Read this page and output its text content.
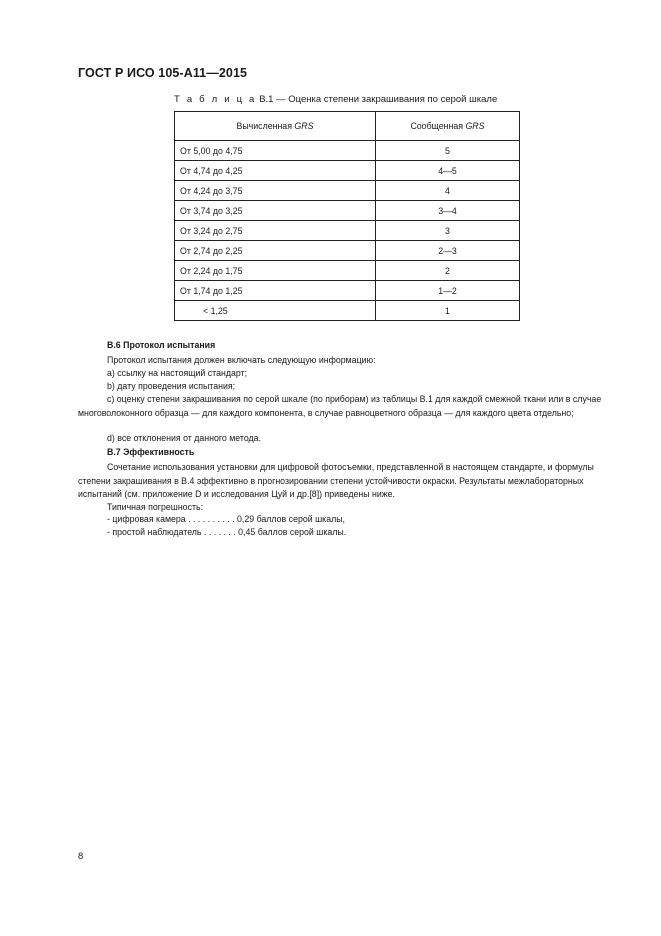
ГОСТ Р ИСО 105-А11—2015
Т а б л и ц а В.1 — Оценка степени закрашивания по серой шкале
Вычисленная GRS	Сообщенная GRS
От 5,00 до 4,75	5
От 4,74 до 4,25	4—5
От 4,24 до 3,75	4
От 3,74 до 3,25	3—4
От 3,24 до 2,75	3
От 2,74 до 2,25	2—3
От 2,24 до 1,75	2
От 1,74 до 1,25	1—2
< 1,25	1
В.6 Протокол испытания
Протокол испытания должен включать следующую информацию:
а) ссылку на настоящий стандарт;
b) дату проведения испытания;
с) оценку степени закрашивания по серой шкале (по приборам) из таблицы В.1 для каждой смежной ткани или в случае многоволоконного образца — для каждого компонента, в случае равноцветного образца — для каждого цвета отдельно;
d) все отклонения от данного метода.
В.7 Эффективность
Сочетание использования установки для цифровой фотосъемки, представленной в настоящем стандарте, и формулы степени закрашивания в В.4 эффективно в прогнозировании степени устойчивости окраски. Результаты межлабораторных испытаний (см. приложение D и исследования Цуй и др.[8]) приведены ниже.
Типичная погрешность:
- цифровая камера . . . . . . . . . . 0,29 баллов серой шкалы,
- простой наблюдатель . . . . . . . 0,45 баллов серой шкалы.
8
